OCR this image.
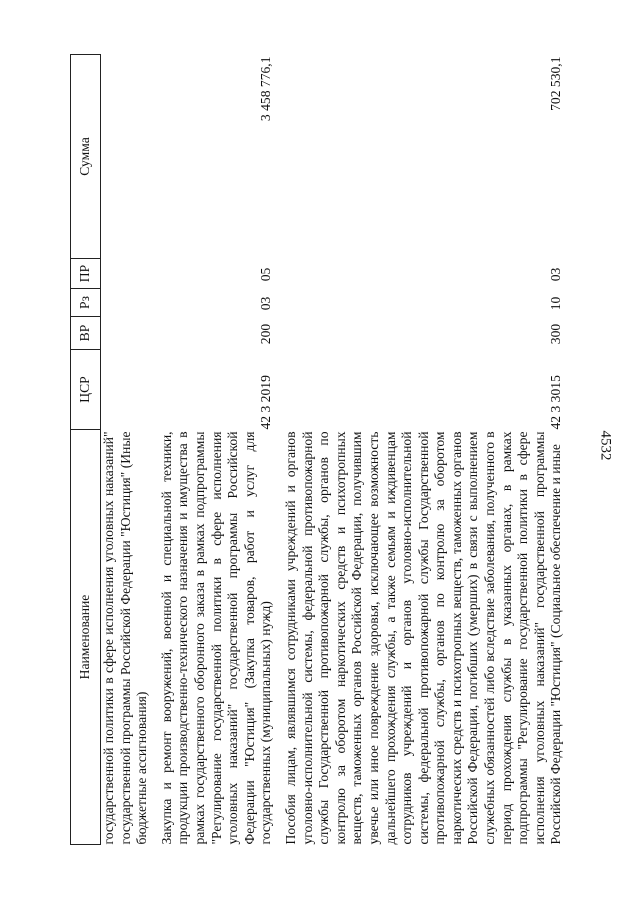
4532
Наименование	ЦСР	ВР	Рз	ПР	Сумма

государственной политики в сфере исполнения уголовных наказаний" государственной программы Российской Федерации "Юстиция" (Иные бюджетные ассигнования)					

Закупка и ремонт вооружений, военной и специальной техники, продукции производственно-технического назначения и имущества в рамках государственного оборонного заказа в рамках подпрограммы "Регулирование государственной политики в сфере исполнения уголовных наказаний" государственной программы Российской Федерации "Юстиция" (Закупка товаров, работ и услуг для государственных (муниципальных) нужд)	42 3 2019	200	03	05	3 458 776,1

Пособия лицам, являвшимся сотрудниками учреждений и органов уголовно-исполнительной системы, федеральной противопожарной службы Государственной противопожарной службы, органов по контролю за оборотом наркотических средств и психотропных веществ, таможенных органов Российской Федерации, получившим увечье или иное повреждение здоровья, исключающее возможность дальнейшего прохождения службы, а также семьям и иждивенцам сотрудников учреждений и органов уголовно-исполнительной системы, федеральной противопожарной службы Государственной противопожарной службы, органов по контролю за оборотом наркотических средств и психотропных веществ, таможенных органов Российской Федерации, погибших (умерших) в связи с выполнением служебных обязанностей либо вследствие заболевания, полученного в период прохождения службы в указанных органах, в рамках подпрограммы "Регулирование государственной политики в сфере исполнения уголовных наказаний" государственной программы Российской Федерации "Юстиция" (Социальное обеспечение и иные	42 3 3015	300	10	03	702 530,1
